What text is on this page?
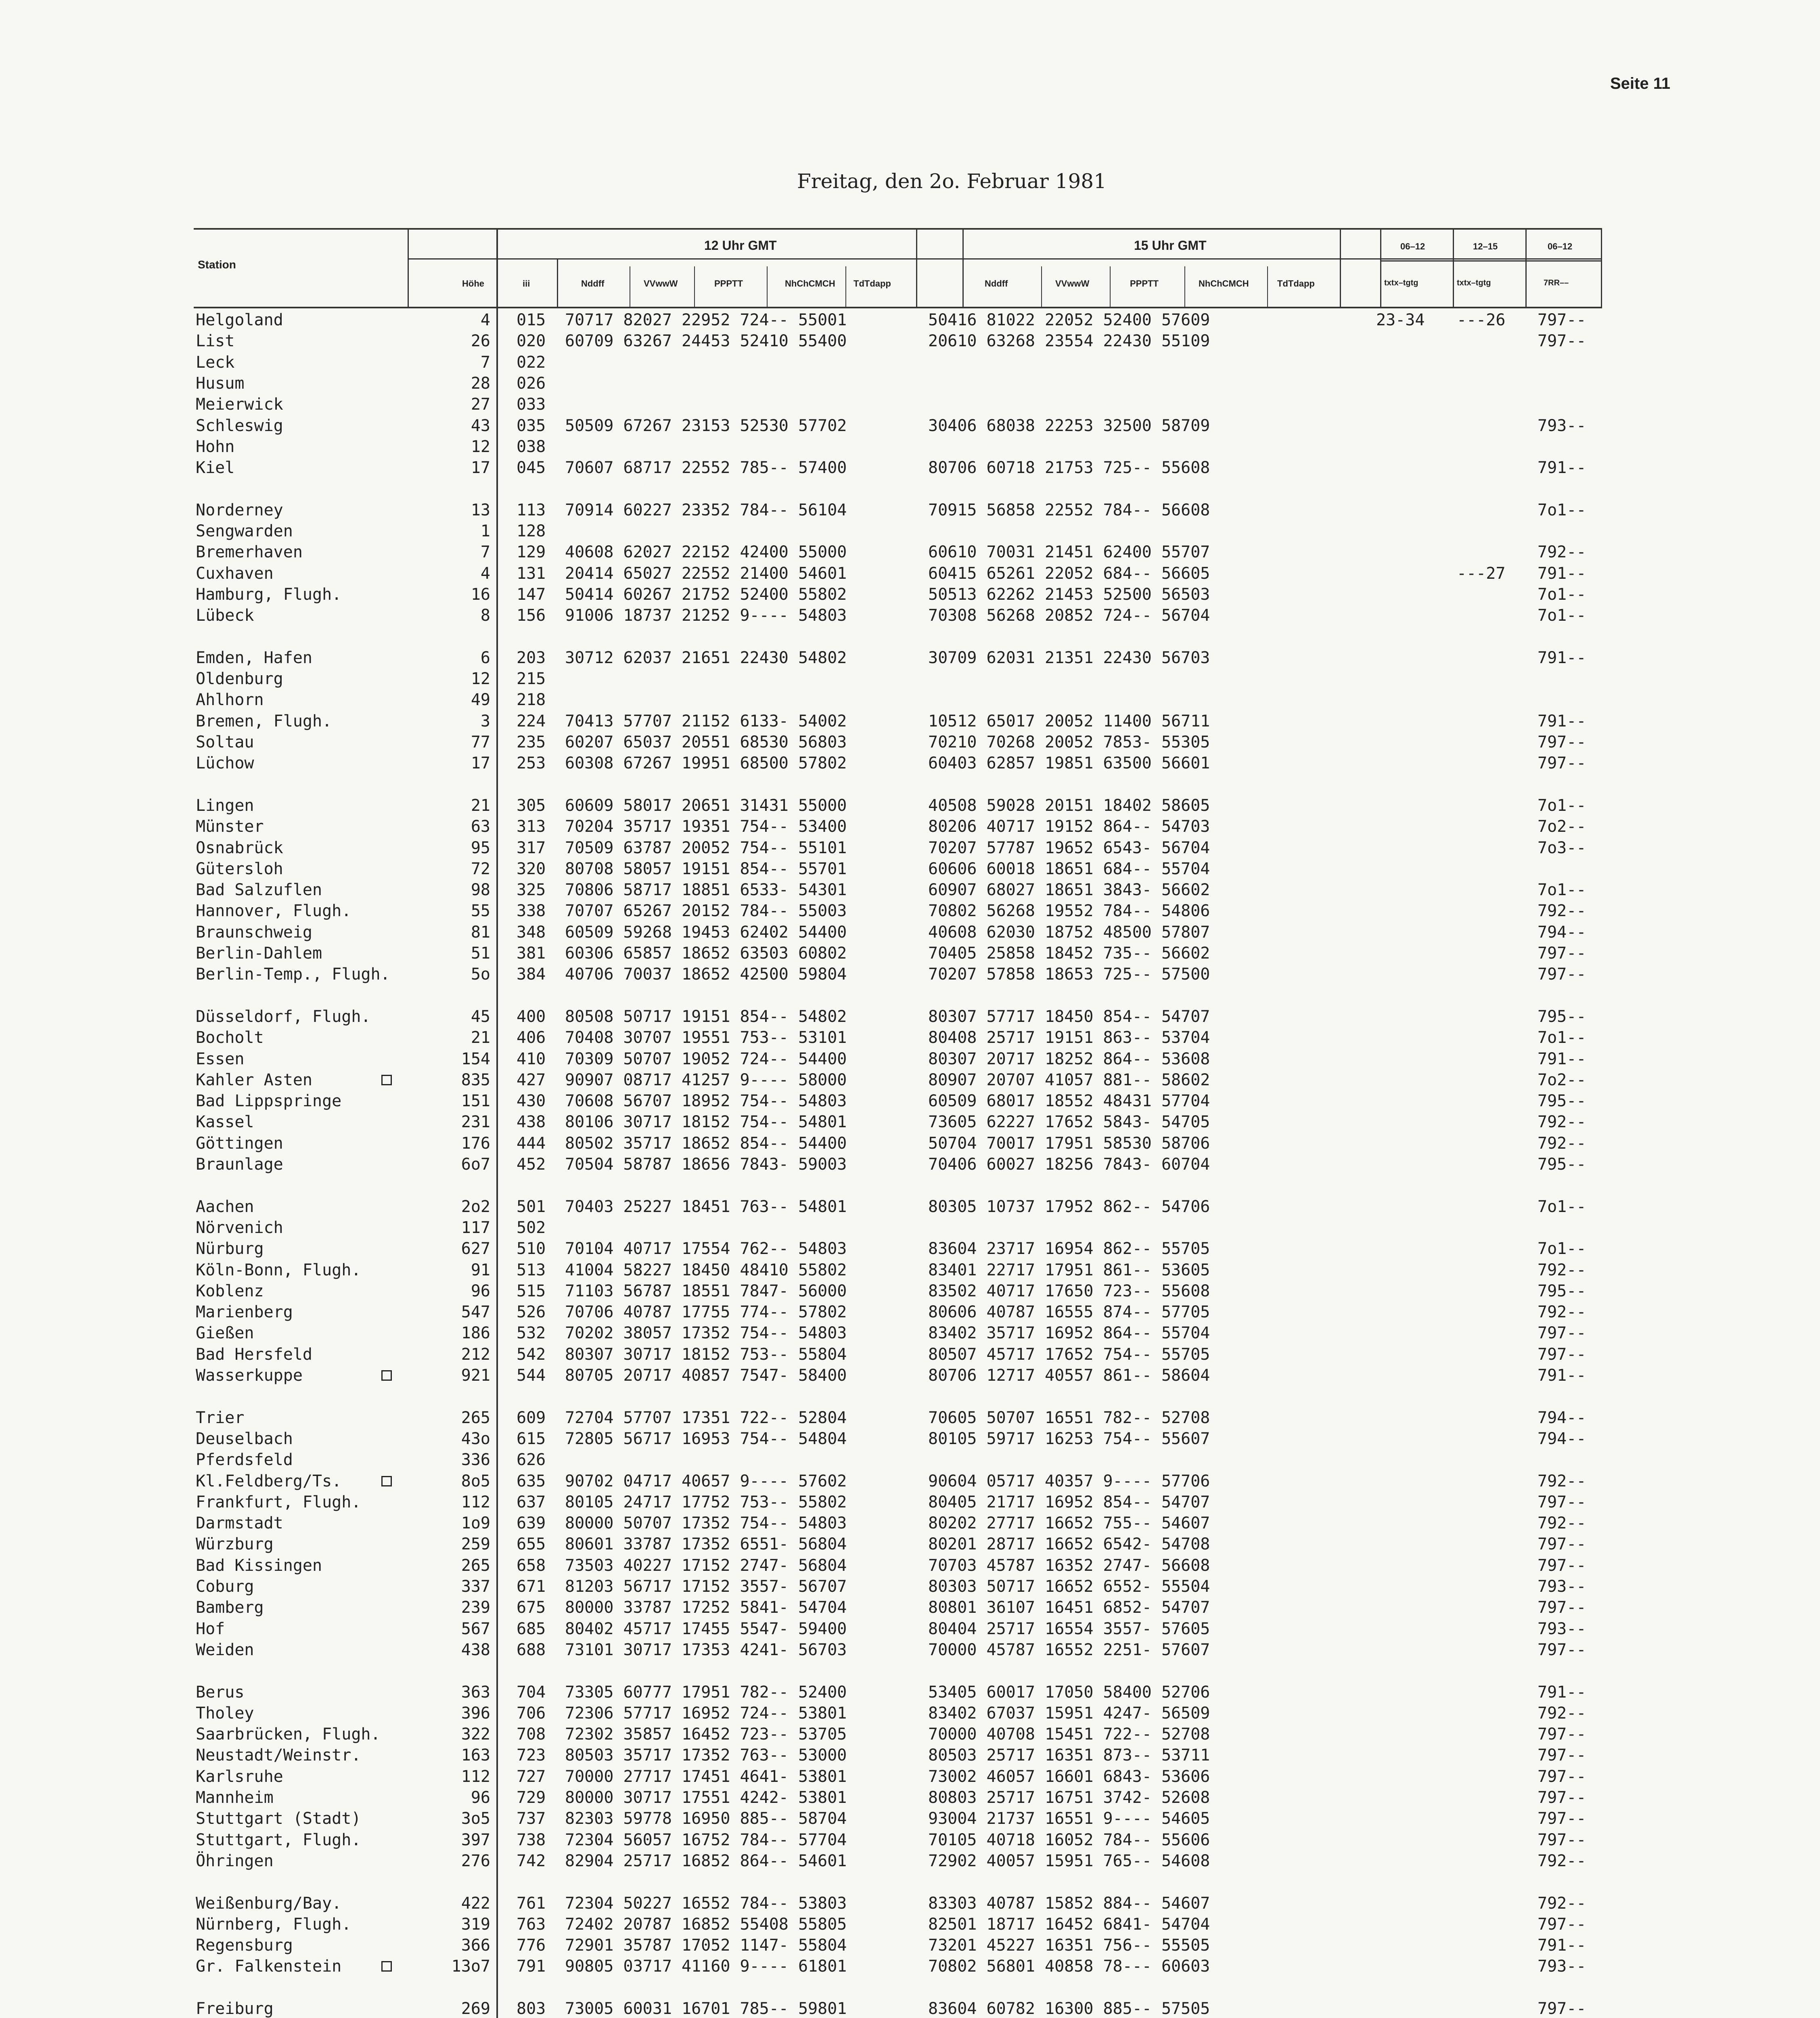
Seite 11
Freitag, den 2o. Februar 1981
Station
Höhe	iii
12 Uhr GMT	15 Uhr GMT
Nddff	VVwwW	PPPTT	NhChCMCH TdTdapp	Nddff	VVwwW	PPPTT	NhChCMCH	TdTdapp
06–12	12–15	06–12
txtx–tgtg	txtx–tgtg	7RR––
Helgoland	4 015 70717 82027 22952 724-- 55001	50416 81022 22052 52400 57609	23-34 ---26 797--
List	26 020 60709 63267 24453 52410 55400	20610 63268 23554 22430 55109	797--
Leck	7 022
Husum	28 026
Meierwick	27 033
Schleswig	43 035 50509 67267 23153 52530 57702	30406 68038 22253 32500 58709	793--
Hohn	12 038
Kiel	17 045 70607 68717 22552 785-- 57400	80706 60718 21753 725-- 55608	791--
Norderney	13 113 70914 60227 23352 784-- 56104	70915 56858 22552 784-- 56608	7o1--
Sengwarden	1 128
Bremerhaven	7 129 40608 62027 22152 42400 55000	60610 70031 21451 62400 55707	792--
Cuxhaven	4 131 20414 65027 22552 21400 54601	60415 65261 22052 684-- 56605	---27 791--
Hamburg, Flugh.	16 147 50414 60267 21752 52400 55802	50513 62262 21453 52500 56503	7o1--
Lübeck	8 156 91006 18737 21252 9---- 54803	70308 56268 20852 724-- 56704	7o1--
Emden, Hafen	6 203 30712 62037 21651 22430 54802	30709 62031 21351 22430 56703	791--
Oldenburg	12 215
Ahlhorn	49 218
Bremen, Flugh.	3 224 70413 57707 21152 6133- 54002	10512 65017 20052 11400 56711	791--
Soltau	77 235 60207 65037 20551 68530 56803	70210 70268 20052 7853- 55305	797--
Lüchow	17 253 60308 67267 19951 68500 57802	60403 62857 19851 63500 56601	797--
Lingen	21 305 60609 58017 20651 31431 55000	40508 59028 20151 18402 58605	7o1--
Münster	63 313 70204 35717 19351 754-- 53400	80206 40717 19152 864-- 54703	7o2--
Osnabrück	95 317 70509 63787 20052 754-- 55101	70207 57787 19652 6543- 56704	7o3--
Gütersloh	72 320 80708 58057 19151 854-- 55701	60606 60018 18651 684-- 55704
Bad Salzuflen	98 325 70806 58717 18851 6533- 54301	60907 68027 18651 3843- 56602	7o1--
Hannover, Flugh.	55 338 70707 65267 20152 784-- 55003	70802 56268 19552 784-- 54806	792--
Braunschweig	81 348 60509 59268 19453 62402 54400	40608 62030 18752 48500 57807	794--
Berlin-Dahlem	51 381 60306 65857 18652 63503 60802	70405 25858 18452 735-- 56602	797--
Berlin-Temp., Flugh.	5o 384 40706 70037 18652 42500 59804	70207 57858 18653 725-- 57500	797--
Düsseldorf, Flugh.	45 400 80508 50717 19151 854-- 54802	80307 57717 18450 854-- 54707	795--
Bocholt	21 406 70408 30707 19551 753-- 53101	80408 25717 19151 863-- 53704	7o1--
Essen	154 410 70309 50707 19052 724-- 54400	80307 20717 18252 864-- 53608	791--
Kahler Asten	835 427 90907 08717 41257 9---- 58000	80907 20707 41057 881-- 58602	7o2--
Bad Lippspringe	151 430 70608 56707 18952 754-- 54803	60509 68017 18552 48431 57704	795--
Kassel	231 438 80106 30717 18152 754-- 54801	73605 62227 17652 5843- 54705	792--
Göttingen	176 444 80502 35717 18652 854-- 54400	50704 70017 17951 58530 58706	792--
Braunlage	6o7 452 70504 58787 18656 7843- 59003	70406 60027 18256 7843- 60704	795--
Aachen	2o2 501 70403 25227 18451 763-- 54801	80305 10737 17952 862-- 54706	7o1--
Nörvenich	117 502
Nürburg	627 510 70104 40717 17554 762-- 54803	83604 23717 16954 862-- 55705	7o1--
Köln-Bonn, Flugh.	91 513 41004 58227 18450 48410 55802	83401 22717 17951 861-- 53605	792--
Koblenz	96 515 71103 56787 18551 7847- 56000	83502 40717 17650 723-- 55608	795--
Marienberg	547 526 70706 40787 17755 774-- 57802	80606 40787 16555 874-- 57705	792--
Gießen	186 532 70202 38057 17352 754-- 54803	83402 35717 16952 864-- 55704	797--
Bad Hersfeld	212 542 80307 30717 18152 753-- 55804	80507 45717 17652 754-- 55705	797--
Wasserkuppe	921 544 80705 20717 40857 7547- 58400	80706 12717 40557 861-- 58604	791--
Trier	265 609 72704 57707 17351 722-- 52804	70605 50707 16551 782-- 52708	794--
Deuselbach	43o 615 72805 56717 16953 754-- 54804	80105 59717 16253 754-- 55607	794--
Pferdsfeld	336 626
Kl.Feldberg/Ts.	8o5 635 90702 04717 40657 9---- 57602	90604 05717 40357 9---- 57706	792--
Frankfurt, Flugh.	112 637 80105 24717 17752 753-- 55802	80405 21717 16952 854-- 54707	797--
Darmstadt	1o9 639 80000 50707 17352 754-- 54803	80202 27717 16652 755-- 54607	792--
Würzburg	259 655 80601 33787 17352 6551- 56804	80201 28717 16652 6542- 54708	797--
Bad Kissingen	265 658 73503 40227 17152 2747- 56804	70703 45787 16352 2747- 56608	797--
Coburg	337 671 81203 56717 17152 3557- 56707	80303 50717 16652 6552- 55504	793--
Bamberg	239 675 80000 33787 17252 5841- 54704	80801 36107 16451 6852- 54707	797--
Hof	567 685 80402 45717 17455 5547- 59400	80404 25717 16554 3557- 57605	793--
Weiden	438 688 73101 30717 17353 4241- 56703	70000 45787 16552 2251- 57607	797--
Berus	363 704 73305 60777 17951 782-- 52400	53405 60017 17050 58400 52706	791--
Tholey	396 706 72306 57717 16952 724-- 53801	83402 67037 15951 4247- 56509	792--
Saarbrücken, Flugh.	322 708 72302 35857 16452 723-- 53705	70000 40708 15451 722-- 52708	797--
Neustadt/Weinstr.	163 723 80503 35717 17352 763-- 53000	80503 25717 16351 873-- 53711	797--
Karlsruhe	112 727 70000 27717 17451 4641- 53801	73002 46057 16601 6843- 53606	797--
Mannheim	96 729 80000 30717 17551 4242- 53801	80803 25717 16751 3742- 52608	797--
Stuttgart (Stadt)	3o5 737 82303 59778 16950 885-- 58704	93004 21737 16551 9---- 54605	797--
Stuttgart, Flugh.	397 738 72304 56057 16752 784-- 57704	70105 40718 16052 784-- 55606	797--
Öhringen	276 742 82904 25717 16852 864-- 54601	72902 40057 15951 765-- 54608	792--
Weißenburg/Bay.	422 761 72304 50227 16552 784-- 53803	83303 40787 15852 884-- 54607	792--
Nürnberg, Flugh.	319 763 72402 20787 16852 55408 55805	82501 18717 16452 6841- 54704	797--
Regensburg	366 776 72901 35787 17052 1147- 55804	73201 45227 16351 756-- 55505	791--
Gr. Falkenstein	13o7 791 90805 03717 41160 9---- 61801	70802 56801 40858 78--- 60603	793--
Freiburg	269 803 73005 60031 16701 785-- 59801	83604 60782 16300 885-- 57505	797--
